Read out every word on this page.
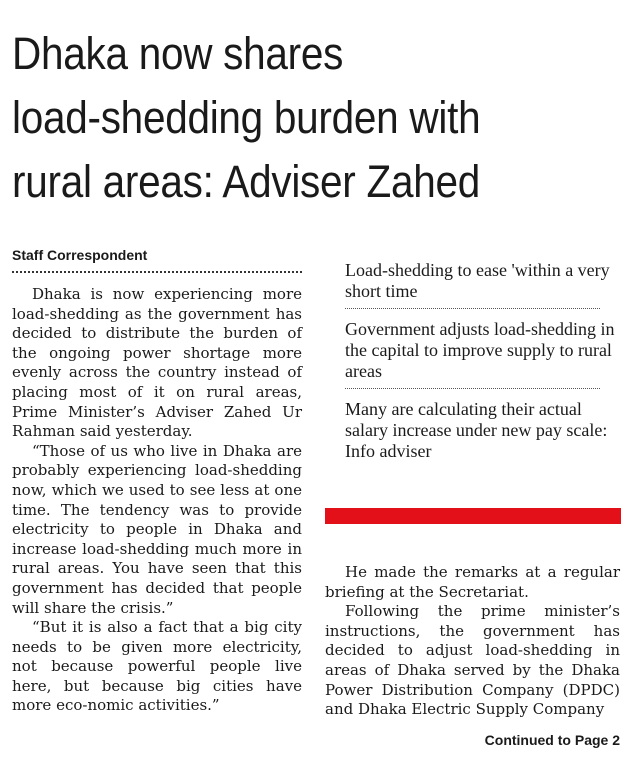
Dhaka now shares
load-shedding burden with
rural areas: Adviser Zahed
Staff Correspondent

Dhaka is now experiencing more load-shedding as the government has decided to distribute the burden of the ongoing power shortage more evenly across the country instead of placing most of it on rural areas, Prime Minister’s Adviser Zahed Ur Rahman said yesterday.

“Those of us who live in Dhaka are probably experiencing load-shedding now, which we used to see less at one time. The tendency was to provide electricity to people in Dhaka and increase load-shedding much more in rural areas. You have seen that this government has decided that people will share the crisis.”

“But it is also a fact that a big city needs to be given more electricity, not because powerful people live here, but because big cities have more eco-nomic activities.”

Load-shedding to ease 'within a very short time
Government adjusts load-shedding in the capital to improve supply to rural areas
Many are calculating their actual salary increase under new pay scale: Info adviser

He made the remarks at a regular briefing at the Secretariat.

Following the prime minister’s instructions, the government has decided to adjust load-shedding in areas of Dhaka served by the Dhaka Power Distribution Company (DPDC) and Dhaka Electric Supply Company

Continued to Page 2
